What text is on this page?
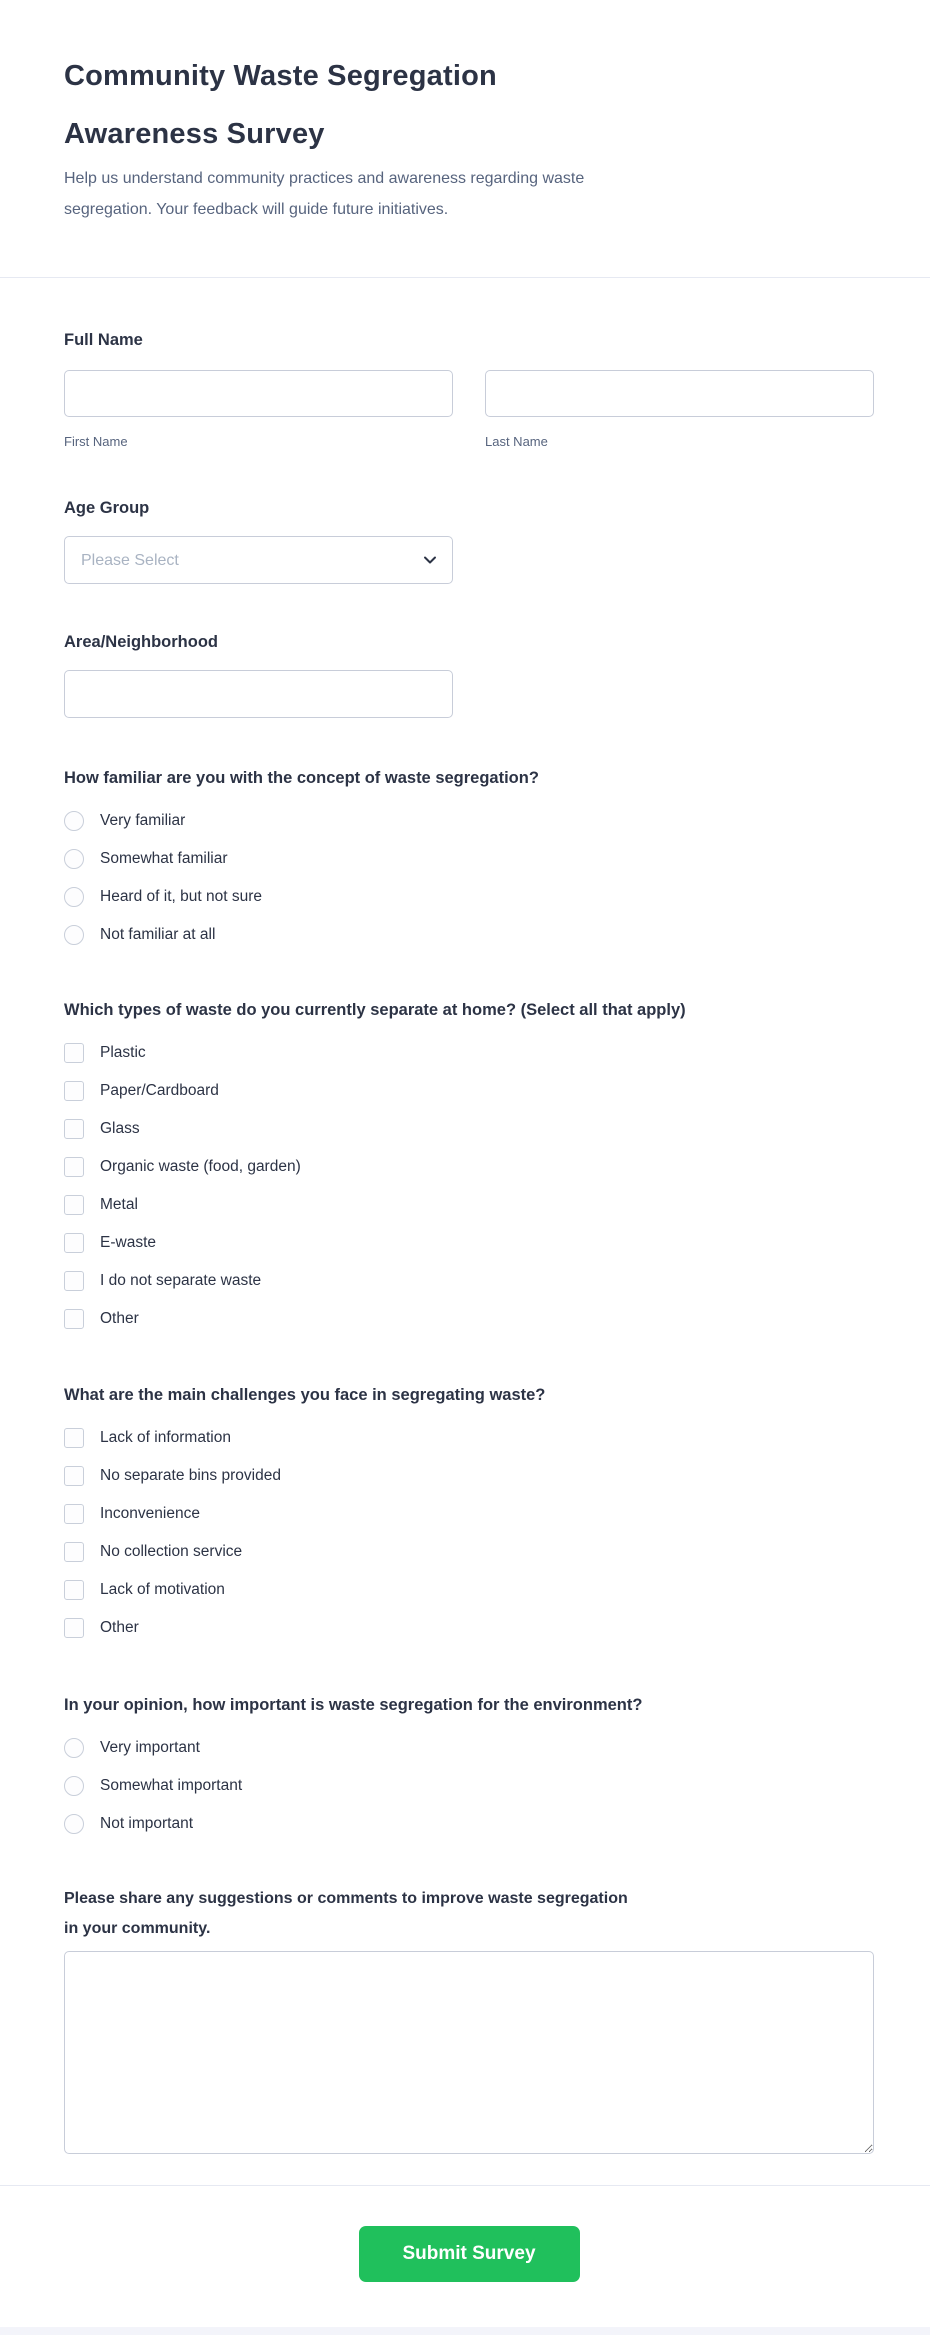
Community Waste Segregation Awareness Survey

Help us understand community practices and awareness regarding waste segregation. Your feedback will guide future initiatives.

Full Name
First Name	Last Name
Age Group
Please Select
Area/Neighborhood
How familiar are you with the concept of waste segregation?
Very familiar
Somewhat familiar
Heard of it, but not sure
Not familiar at all
Which types of waste do you currently separate at home? (Select all that apply)
Plastic
Paper/Cardboard
Glass
Organic waste (food, garden)
Metal
E-waste
I do not separate waste
Other
What are the main challenges you face in segregating waste?
Lack of information
No separate bins provided
Inconvenience
No collection service
Lack of motivation
Other
In your opinion, how important is waste segregation for the environment?
Very important
Somewhat important
Not important
Please share any suggestions or comments to improve waste segregation in your community.
Submit Survey
